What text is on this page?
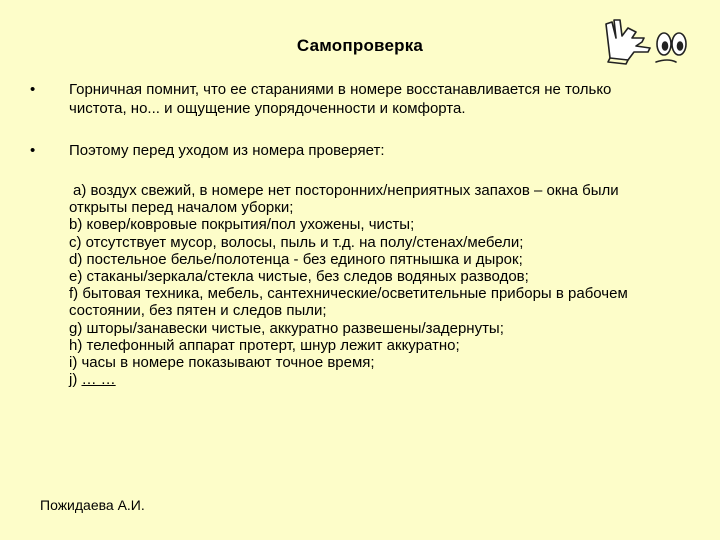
Самопроверка
• Горничная помнит, что ее стараниями в номере восстанавливается не только
чистота, но... и ощущение упорядоченности и комфорта.
• Поэтому перед уходом из номера проверяет:
a) воздух свежий, в номере нет посторонних/неприятных запахов – окна были
открыты перед началом уборки;
b) ковер/ковровые покрытия/пол ухожены, чисты;
c) отсутствует мусор, волосы, пыль и т.д. на полу/стенах/мебели;
d) постельное белье/полотенца - без единого пятнышка и дырок;
e) стаканы/зеркала/стекла чистые, без следов водяных разводов;
f) бытовая техника, мебель, сантехнические/осветительные приборы в рабочем
состоянии, без пятен и следов пыли;
g) шторы/занавески чистые, аккуратно развешены/задернуты;
h) телефонный аппарат протерт, шнур лежит аккуратно;
i) часы в номере показывают точное время;
j) … …
Пожидаева А.И.
